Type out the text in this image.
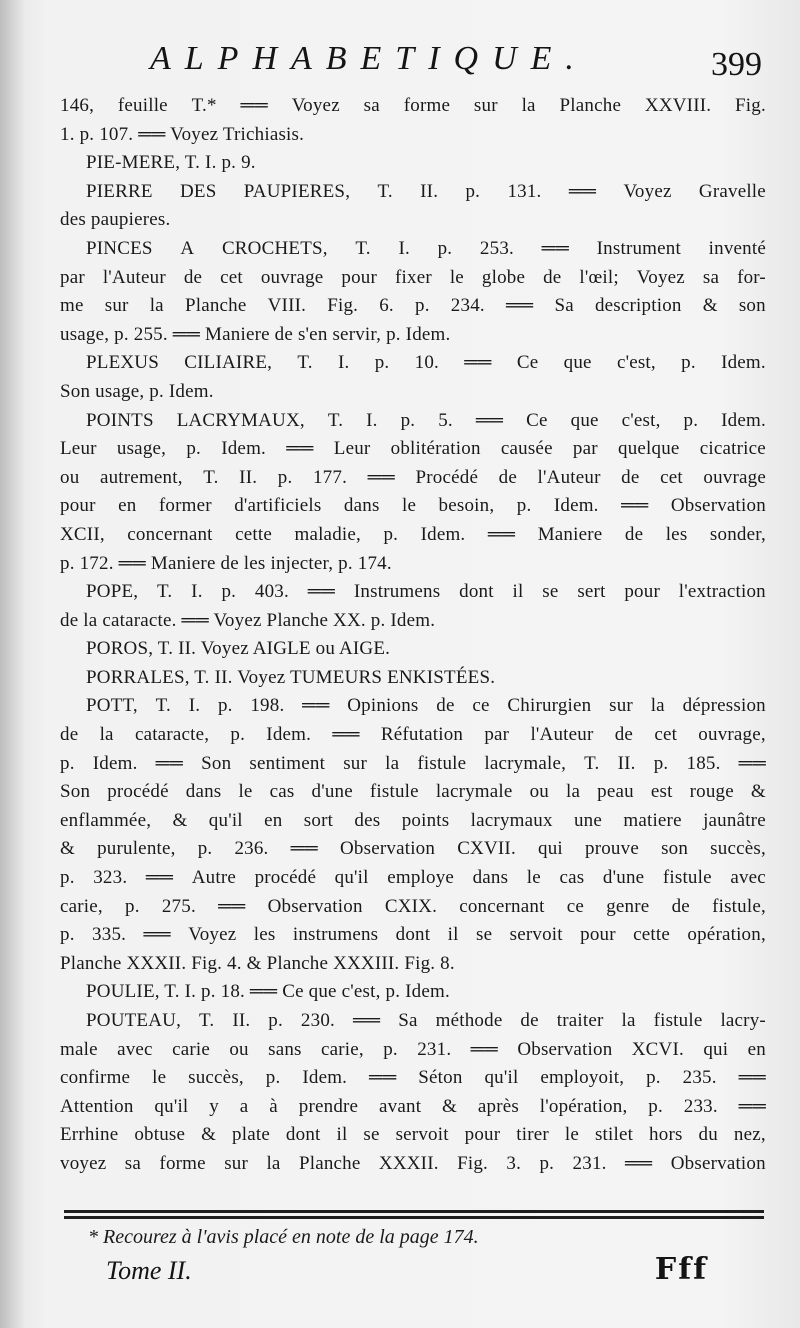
ALPHABETIQUE.	399
146, feuille T.* ══ Voyez sa forme sur la Planche XXVIII. Fig.
1. p. 107. ══ Voyez Trichiasis.
PIE-MERE, T. I. p. 9.
PIERRE DES PAUPIERES, T. II. p. 131. ══ Voyez Gravelle
des paupieres.
PINCES A CROCHETS, T. I. p. 253. ══ Instrument inventé
par l'Auteur de cet ouvrage pour fixer le globe de l'œil; Voyez sa for-
me sur la Planche VIII. Fig. 6. p. 234. ══ Sa description & son
usage, p. 255. ══ Maniere de s'en servir, p. Idem.
PLEXUS CILIAIRE, T. I. p. 10. ══ Ce que c'est, p. Idem.
Son usage, p. Idem.
POINTS LACRYMAUX, T. I. p. 5. ══ Ce que c'est, p. Idem.
Leur usage, p. Idem. ══ Leur oblitération causée par quelque cicatrice
ou autrement, T. II. p. 177. ══ Procédé de l'Auteur de cet ouvrage
pour en former d'artificiels dans le besoin, p. Idem. ══ Observation
XCII, concernant cette maladie, p. Idem. ══ Maniere de les sonder,
p. 172. ══ Maniere de les injecter, p. 174.
POPE, T. I. p. 403. ══ Instrumens dont il se sert pour l'extraction
de la cataracte. ══ Voyez Planche XX. p. Idem.
POROS, T. II. Voyez AIGLE ou AIGE.
PORRALES, T. II. Voyez TUMEURS ENKISTÉES.
POTT, T. I. p. 198. ══ Opinions de ce Chirurgien sur la dépression
de la cataracte, p. Idem. ══ Réfutation par l'Auteur de cet ouvrage,
p. Idem. ══ Son sentiment sur la fistule lacrymale, T. II. p. 185. ══
Son procédé dans le cas d'une fistule lacrymale ou la peau est rouge &
enflammée, & qu'il en sort des points lacrymaux une matiere jaunâtre
& purulente, p. 236. ══ Observation CXVII. qui prouve son succès,
p. 323. ══ Autre procédé qu'il employe dans le cas d'une fistule avec
carie, p. 275. ══ Observation CXIX. concernant ce genre de fistule,
p. 335. ══ Voyez les instrumens dont il se servoit pour cette opération,
Planche XXXII. Fig. 4. & Planche XXXIII. Fig. 8.
POULIE, T. I. p. 18. ══ Ce que c'est, p. Idem.
POUTEAU, T. II. p. 230. ══ Sa méthode de traiter la fistule lacry-
male avec carie ou sans carie, p. 231. ══ Observation XCVI. qui en
confirme le succès, p. Idem. ══ Séton qu'il employoit, p. 235. ══
Attention qu'il y a à prendre avant & après l'opération, p. 233. ══
Errhine obtuse & plate dont il se servoit pour tirer le stilet hors du nez,
voyez sa forme sur la Planche XXXII. Fig. 3. p. 231. ══ Observation
* Recourez à l'avis placé en note de la page 174.
Tome II.	Fff
